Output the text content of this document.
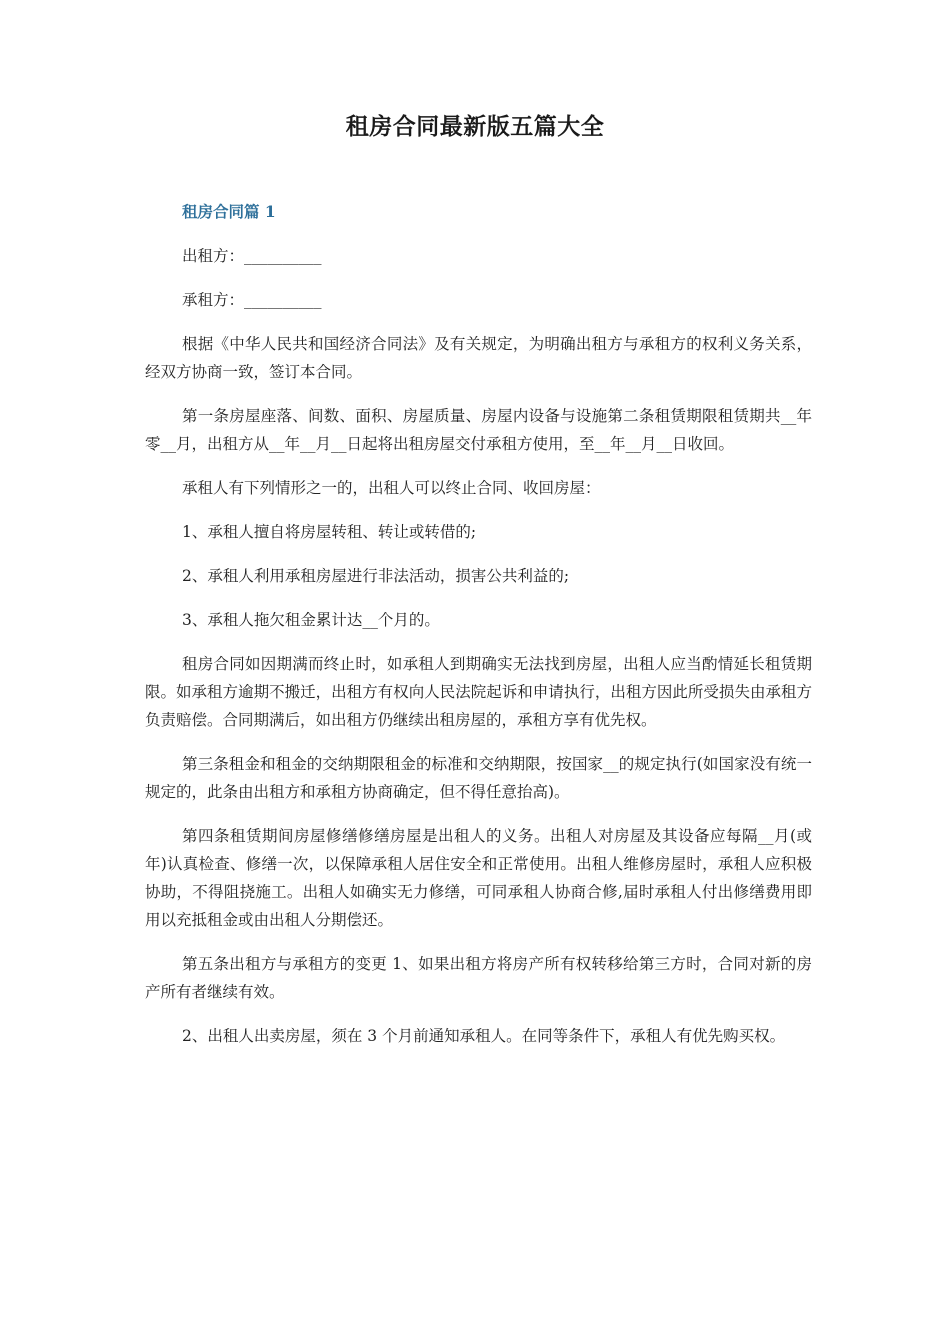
租房合同最新版五篇大全
租房合同篇 1

出租方：__________

承租方：__________

根据《中华人民共和国经济合同法》及有关规定，为明确出租方与承租方的权利义务关系，经双方协商一致，签订本合同。

第一条房屋座落、间数、面积、房屋质量、房屋内设备与设施第二条租赁期限租赁期共__年零__月，出租方从__年__月__日起将出租房屋交付承租方使用，至__年__月__日收回。

承租人有下列情形之一的，出租人可以终止合同、收回房屋：

1、承租人擅自将房屋转租、转让或转借的;

2、承租人利用承租房屋进行非法活动，损害公共利益的;

3、承租人拖欠租金累计达__个月的。

租房合同如因期满而终止时，如承租人到期确实无法找到房屋，出租人应当酌情延长租赁期限。如承租方逾期不搬迁，出租方有权向人民法院起诉和申请执行，出租方因此所受损失由承租方负责赔偿。合同期满后，如出租方仍继续出租房屋的，承租方享有优先权。

第三条租金和租金的交纳期限租金的标准和交纳期限，按国家__的规定执行(如国家没有统一规定的，此条由出租方和承租方协商确定，但不得任意抬高)。

第四条租赁期间房屋修缮修缮房屋是出租人的义务。出租人对房屋及其设备应每隔__月(或年)认真检查、修缮一次，以保障承租人居住安全和正常使用。出租人维修房屋时，承租人应积极协助，不得阻挠施工。出租人如确实无力修缮，可同承租人协商合修,届时承租人付出修缮费用即用以充抵租金或由出租人分期偿还。

第五条出租方与承租方的变更 1、如果出租方将房产所有权转移给第三方时，合同对新的房产所有者继续有效。

2、出租人出卖房屋，须在 3 个月前通知承租人。在同等条件下，承租人有优先购买权。
